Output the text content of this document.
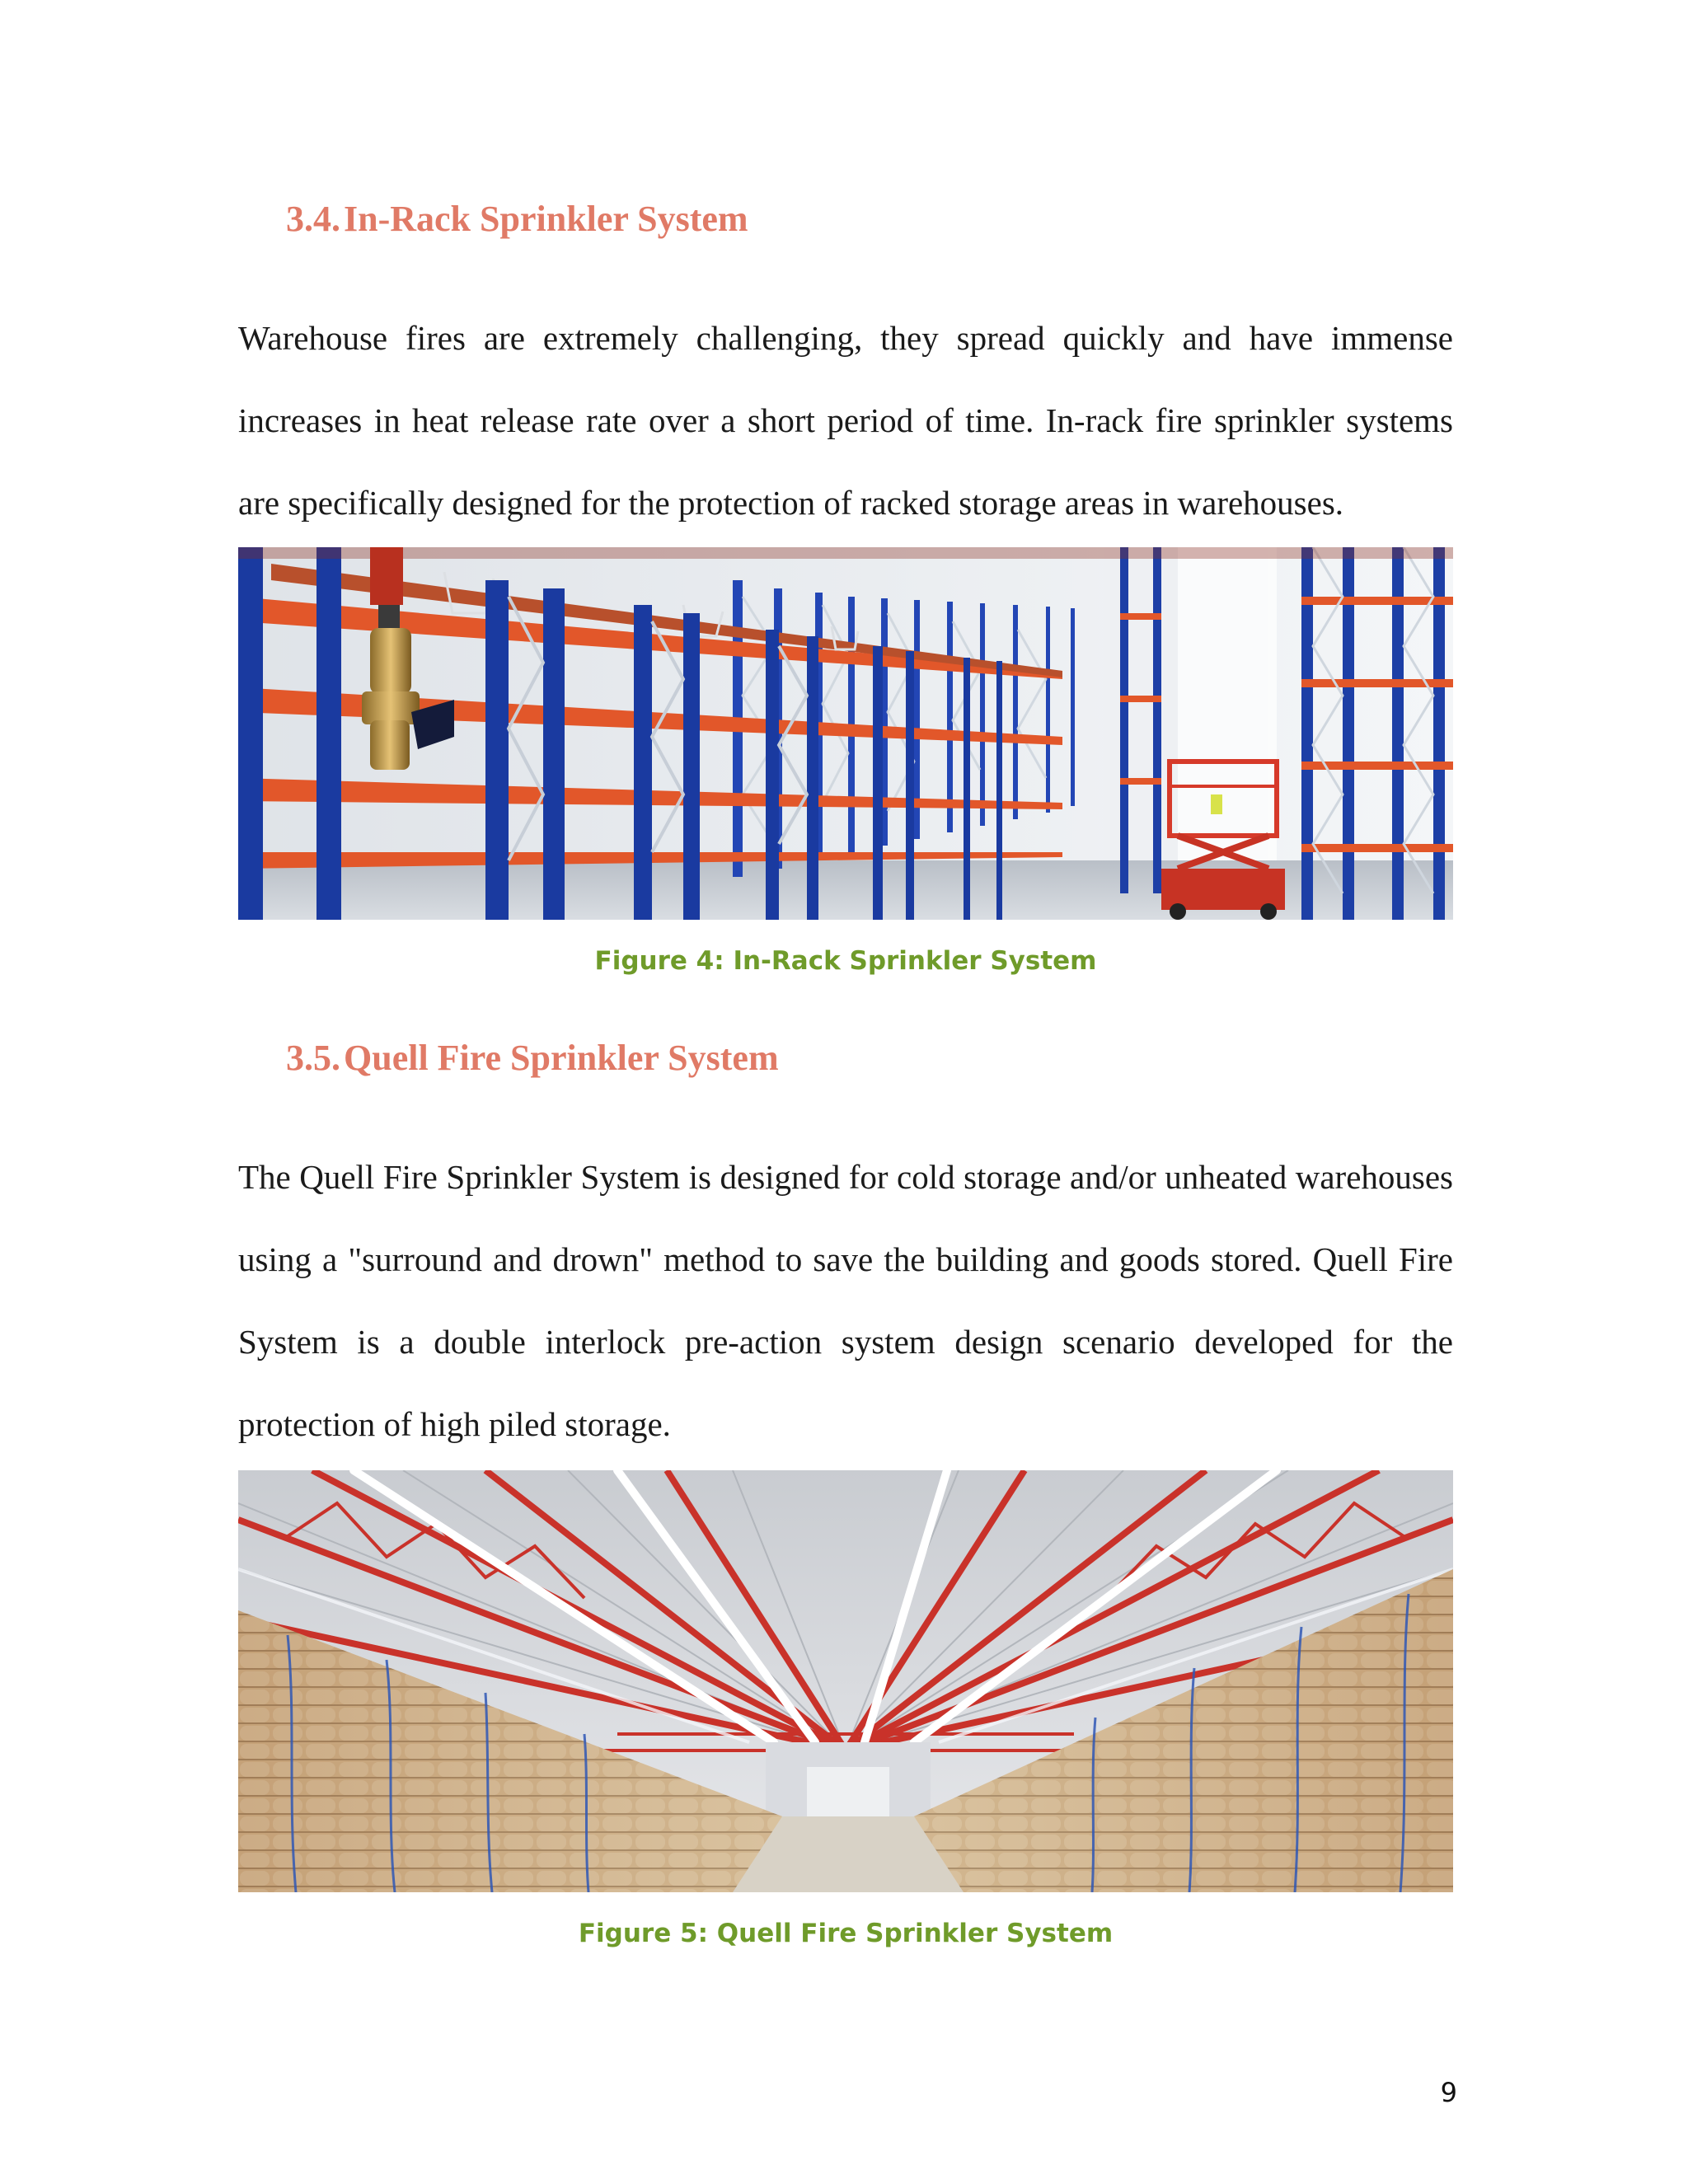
3.4.In-Rack Sprinkler System

Warehouse fires are extremely challenging, they spread quickly and have immense increases in heat release rate over a short period of time. In-rack fire sprinkler systems are specifically designed for the protection of racked storage areas in warehouses.

Figure 4: In-Rack Sprinkler System

3.5.Quell Fire Sprinkler System

The Quell Fire Sprinkler System is designed for cold storage and/or unheated warehouses using a "surround and drown" method to save the building and goods stored. Quell Fire System is a double interlock pre-action system design scenario developed for the protection of high piled storage.

Figure 5: Quell Fire Sprinkler System

9
